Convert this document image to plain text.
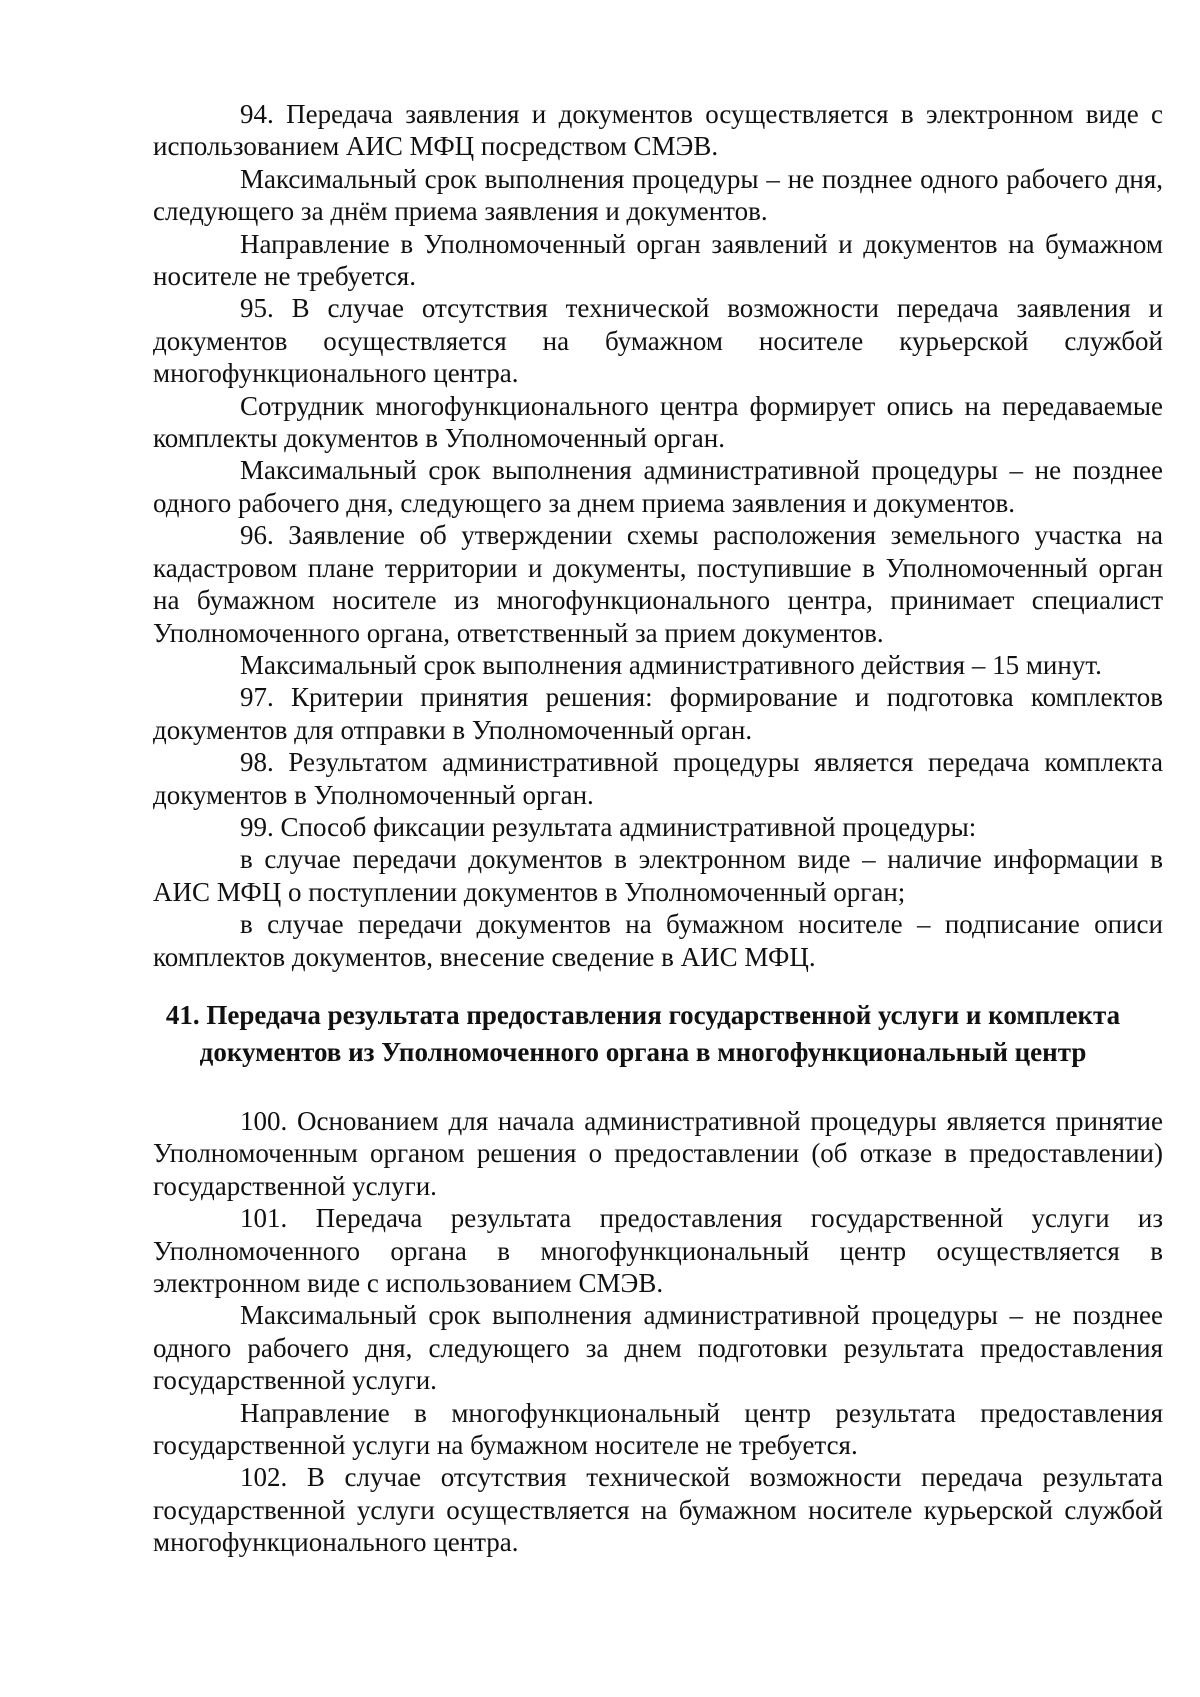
94. Передача заявления и документов осуществляется в электронном виде с использованием АИС МФЦ посредством СМЭВ.

Максимальный срок выполнения процедуры – не позднее одного рабочего дня, следующего за днём приема заявления и документов.

Направление в Уполномоченный орган заявлений и документов на бумажном носителе не требуется.

95. В случае отсутствия технической возможности передача заявления и документов осуществляется на бумажном носителе курьерской службой многофункционального центра.

Сотрудник многофункционального центра формирует опись на передаваемые комплекты документов в Уполномоченный орган.

Максимальный срок выполнения административной процедуры – не позднее одного рабочего дня, следующего за днем приема заявления и документов.

96. Заявление об утверждении схемы расположения земельного участка на кадастровом плане территории и документы, поступившие в Уполномоченный орган на бумажном носителе из многофункционального центра, принимает специалист Уполномоченного органа, ответственный за прием документов.

Максимальный срок выполнения административного действия – 15 минут.

97. Критерии принятия решения: формирование и подготовка комплектов документов для отправки в Уполномоченный орган.

98. Результатом административной процедуры является передача комплекта документов в Уполномоченный орган.

99. Способ фиксации результата административной процедуры:

в случае передачи документов в электронном виде – наличие информации в АИС МФЦ о поступлении документов в Уполномоченный орган;

в случае передачи документов на бумажном носителе – подписание описи комплектов документов, внесение сведение в АИС МФЦ.

41. Передача результата предоставления государственной услуги и комплекта документов из Уполномоченного органа в многофункциональный центр

100. Основанием для начала административной процедуры является принятие Уполномоченным органом решения о предоставлении (об отказе в предоставлении) государственной услуги.

101. Передача результата предоставления государственной услуги из Уполномоченного органа в многофункциональный центр осуществляется в электронном виде с использованием СМЭВ.

Максимальный срок выполнения административной процедуры – не позднее одного рабочего дня, следующего за днем подготовки результата предоставления государственной услуги.

Направление в многофункциональный центр результата предоставления государственной услуги на бумажном носителе не требуется.

102. В случае отсутствия технической возможности передача результата государственной услуги осуществляется на бумажном носителе курьерской службой многофункционального центра.
